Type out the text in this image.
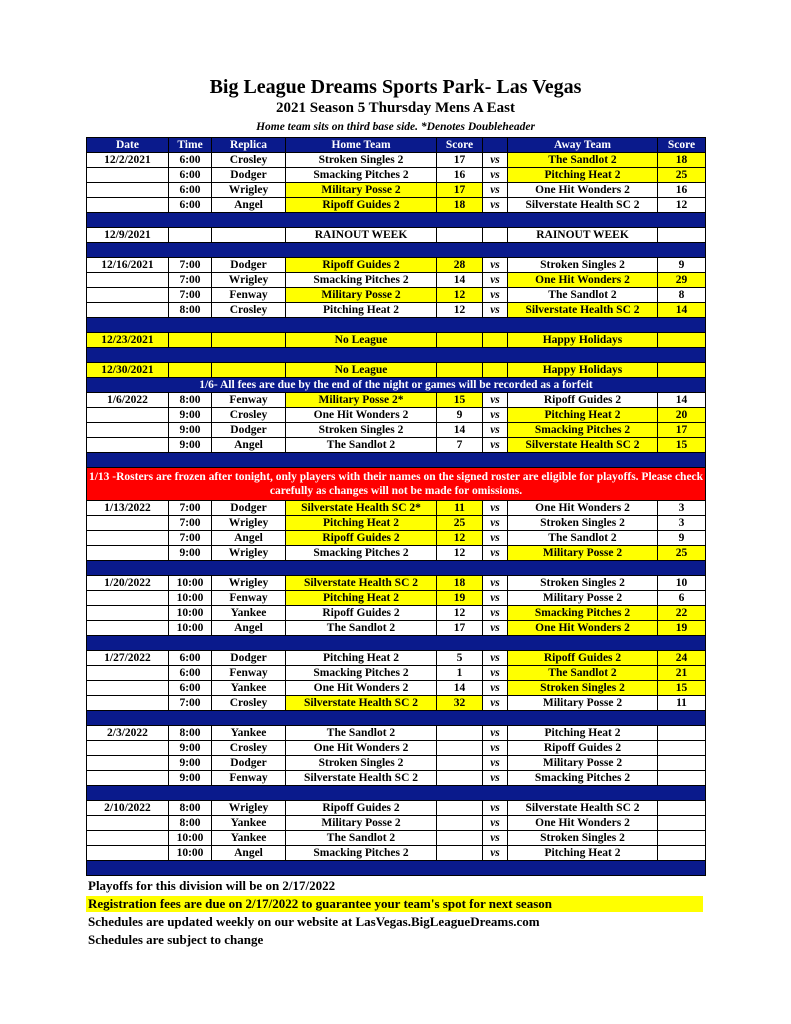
Big League Dreams Sports Park- Las Vegas
2021 Season 5 Thursday Mens A East
Home team sits on third base side. *Denotes Doubleheader
Date	Time	Replica	Home Team	Score		Away Team	Score
12/2/2021	6:00	Crosley	Stroken Singles 2	17	vs	The Sandlot 2	18
	6:00	Dodger	Smacking Pitches 2	16	vs	Pitching Heat 2	25
	6:00	Wrigley	Military Posse 2	17	vs	One Hit Wonders 2	16
	6:00	Angel	Ripoff Guides 2	18	vs	Silverstate Health SC 2	12

12/9/2021			RAINOUT WEEK			RAINOUT WEEK	

12/16/2021	7:00	Dodger	Ripoff Guides 2	28	vs	Stroken Singles 2	9
	7:00	Wrigley	Smacking Pitches 2	14	vs	One Hit Wonders 2	29
	7:00	Fenway	Military Posse 2	12	vs	The Sandlot 2	8
	8:00	Crosley	Pitching Heat 2	12	vs	Silverstate Health SC 2	14

12/23/2021			No League			Happy Holidays	

12/30/2021			No League			Happy Holidays	
1/6- All fees are due by the end of the night or games will be recorded as a forfeit							
1/6/2022	8:00	Fenway	Military Posse 2*	15	vs	Ripoff Guides 2	14
	9:00	Crosley	One Hit Wonders 2	9	vs	Pitching Heat 2	20
	9:00	Dodger	Stroken Singles 2	14	vs	Smacking Pitches 2	17
	9:00	Angel	The Sandlot 2	7	vs	Silverstate Health SC 2	15

1/13 -Rosters are frozen after tonight, only players with their names on the signed roster are eligible for playoffs. Please check carefully as changes will not be made for omissions.							
1/13/2022	7:00	Dodger	Silverstate Health SC 2*	11	vs	One Hit Wonders 2	3
	7:00	Wrigley	Pitching Heat 2	25	vs	Stroken Singles 2	3
	7:00	Angel	Ripoff Guides 2	12	vs	The Sandlot 2	9
	9:00	Wrigley	Smacking Pitches 2	12	vs	Military Posse 2	25

1/20/2022	10:00	Wrigley	Silverstate Health SC 2	18	vs	Stroken Singles 2	10
	10:00	Fenway	Pitching Heat 2	19	vs	Military Posse 2	6
	10:00	Yankee	Ripoff Guides 2	12	vs	Smacking Pitches 2	22
	10:00	Angel	The Sandlot 2	17	vs	One Hit Wonders 2	19

1/27/2022	6:00	Dodger	Pitching Heat 2	5	vs	Ripoff Guides 2	24
	6:00	Fenway	Smacking Pitches 2	1	vs	The Sandlot 2	21
	6:00	Yankee	One Hit Wonders 2	14	vs	Stroken Singles 2	15
	7:00	Crosley	Silverstate Health SC 2	32	vs	Military Posse 2	11

2/3/2022	8:00	Yankee	The Sandlot 2		vs	Pitching Heat 2	
	9:00	Crosley	One Hit Wonders 2		vs	Ripoff Guides 2	
	9:00	Dodger	Stroken Singles 2		vs	Military Posse 2	
	9:00	Fenway	Silverstate Health SC 2		vs	Smacking Pitches 2	

2/10/2022	8:00	Wrigley	Ripoff Guides 2		vs	Silverstate Health SC 2	
	8:00	Yankee	Military Posse 2		vs	One Hit Wonders 2	
	10:00	Yankee	The Sandlot 2		vs	Stroken Singles 2	
	10:00	Angel	Smacking Pitches 2		vs	Pitching Heat 2	

Playoffs for this division will be on 2/17/2022
Registration fees are due on 2/17/2022 to guarantee your team's spot for next season
Schedules are updated weekly on our website at LasVegas.BigLeagueDreams.com
Schedules are subject to change
